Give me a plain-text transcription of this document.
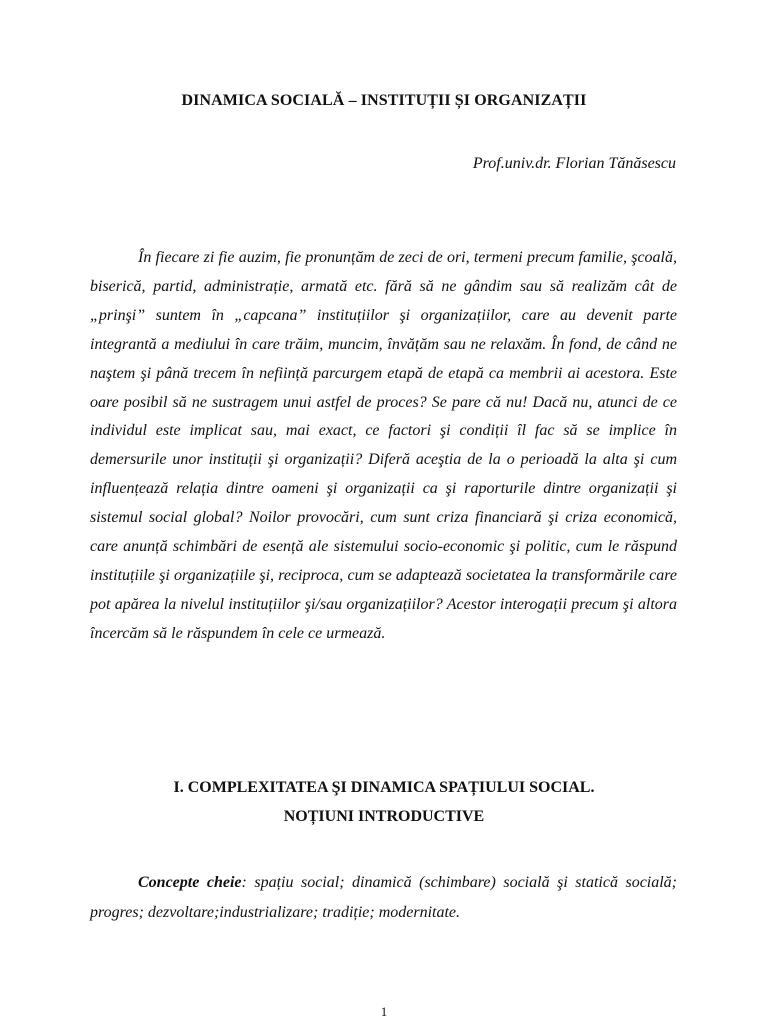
DINAMICA SOCIALĂ – INSTITUȚII ȘI ORGANIZAȚII
Prof.univ.dr. Florian Tănăsescu

În fiecare zi fie auzim, fie pronunțăm de zeci de ori, termeni precum familie, şcoală, biserică, partid, administrație, armată etc. fără să ne gândim sau să realizăm cât de „prinşi” suntem în „capcana” instituțiilor şi organizațiilor, care au devenit parte integrantă a mediului în care trăim, muncim, învățăm sau ne relaxăm. În fond, de când ne naştem şi până trecem în neființă parcurgem etapă de etapă ca membrii ai acestora. Este oare posibil să ne sustragem unui astfel de proces? Se pare că nu! Dacă nu, atunci de ce individul este implicat sau, mai exact, ce factori şi condiții îl fac să se implice în demersurile unor instituții şi organizații? Diferă aceştia de la o perioadă la alta şi cum influențează relația dintre oameni şi organizații ca şi raporturile dintre organizații şi sistemul social global? Noilor provocări, cum sunt criza financiară şi criza economică, care anunță schimbări de esență ale sistemului socio-economic şi politic, cum le răspund instituțiile şi organizațiile şi, reciproca, cum se adaptează societatea la transformările care pot apărea la nivelul instituțiilor şi/sau organizațiilor? Acestor interogații precum şi altora încercăm să le răspundem în cele ce urmează.

I. COMPLEXITATEA ŞI DINAMICA SPAȚIULUI SOCIAL.
NOȚIUNI INTRODUCTIVE

Concepte cheie: spațiu social; dinamică (schimbare) socială şi statică socială; progres; dezvoltare;industrializare; tradiție; modernitate.

1
